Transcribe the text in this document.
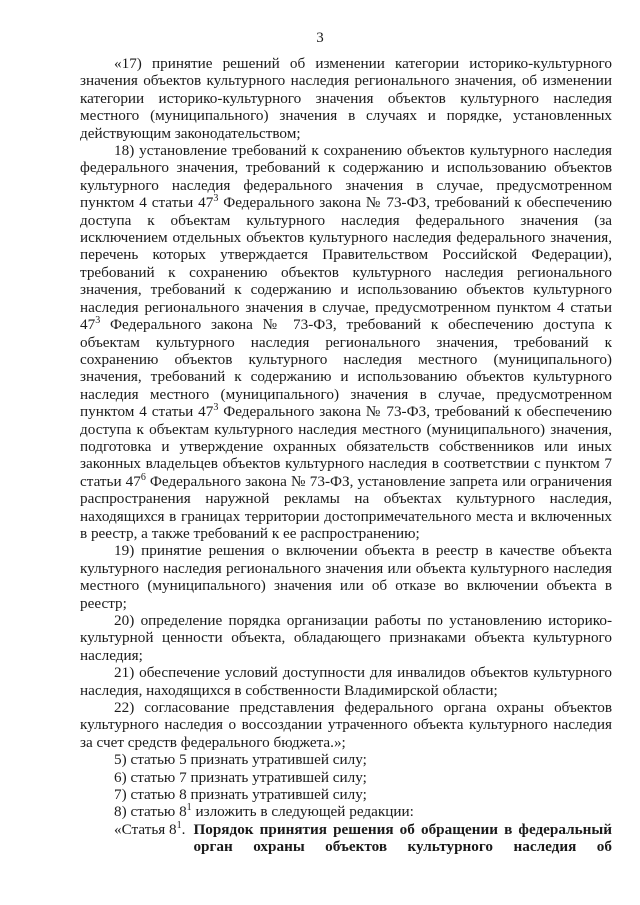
3

«17) принятие решений об изменении категории историко-культурного значения объектов культурного наследия регионального значения, об изменении категории историко-культурного значения объектов культурного наследия местного (муниципального) значения в случаях и порядке, установленных действующим законодательством;

18) установление требований к сохранению объектов культурного наследия федерального значения, требований к содержанию и использованию объектов культурного наследия федерального значения в случае, предусмотренном пунктом 4 статьи $47^3$ Федерального закона № 73-ФЗ, требований к обеспечению доступа к объектам культурного наследия федерального значения (за исключением отдельных объектов культурного наследия федерального значения, перечень которых утверждается Правительством Российской Федерации), требований к сохранению объектов культурного наследия регионального значения, требований к содержанию и использованию объектов культурного наследия регионального значения в случае, предусмотренном пунктом 4 статьи $47^3$ Федерального закона № 73-ФЗ, требований к обеспечению доступа к объектам культурного наследия регионального значения, требований к сохранению объектов культурного наследия местного (муниципального) значения, требований к содержанию и использованию объектов культурного наследия местного (муниципального) значения в случае, предусмотренном пунктом 4 статьи $47^3$ Федерального закона № 73-ФЗ, требований к обеспечению доступа к объектам культурного наследия местного (муниципального) значения, подготовка и утверждение охранных обязательств собственников или иных законных владельцев объектов культурного наследия в соответствии с пунктом 7 статьи $47^6$ Федерального закона № 73-ФЗ, установление запрета или ограничения распространения наружной рекламы на объектах культурного наследия, находящихся в границах территории достопримечательного места и включенных в реестр, а также требований к ее распространению;

19) принятие решения о включении объекта в реестр в качестве объекта культурного наследия регионального значения или объекта культурного наследия местного (муниципального) значения или об отказе во включении объекта в реестр;

20) определение порядка организации работы по установлению историко-культурной ценности объекта, обладающего признаками объекта культурного наследия;

21) обеспечение условий доступности для инвалидов объектов культурного наследия, находящихся в собственности Владимирской области;

22) согласование представления федерального органа охраны объектов культурного наследия о воссоздании утраченного объекта культурного наследия за счет средств федерального бюджета.»;

5) статью 5 признать утратившей силу;

6) статью 7 признать утратившей силу;

7) статью 8 признать утратившей силу;

8) статью $8^1$ изложить в следующей редакции:

«Статья $8^1$. Порядок принятия решения об обращении в федеральный орган охраны объектов культурного наследия об
